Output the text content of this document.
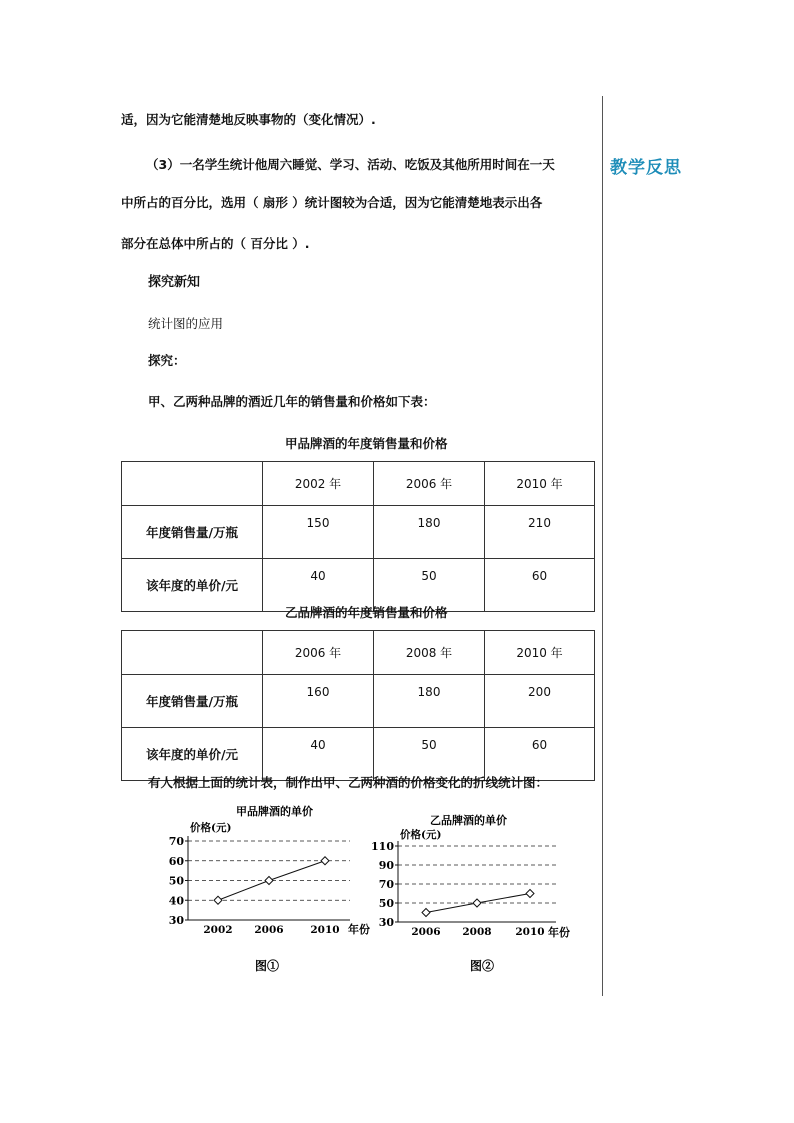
教学反思
适，因为它能清楚地反映事物的（变化情况）.
（3）一名学生统计他周六睡觉、学习、活动、吃饭及其他所用时间在一天
中所占的百分比，选用（ 扇形 ）统计图较为合适，因为它能清楚地表示出各
部分在总体中所占的（ 百分比 ）.
探究新知
统计图的应用
探究：
甲、乙两种品牌的酒近几年的销售量和价格如下表：
甲品牌酒的年度销售量和价格
	2002 年	2006 年	2010 年
年度销售量/万瓶	150	180	210
该年度的单价/元	40	50	60
乙品牌酒的年度销售量和价格
	2006 年	2008 年	2010 年
年度销售量/万瓶	160	180	200
该年度的单价/元	40	50	60
有人根据上面的统计表，制作出甲、乙两种酒的价格变化的折线统计图：
甲品牌酒的单价
价格(元)
30
40
50
60
70
2002 2006	2010 年份
图①
乙品牌酒的单价
价格(元)
30
50
70
90
110
2006 2008 2010 年份
图②
